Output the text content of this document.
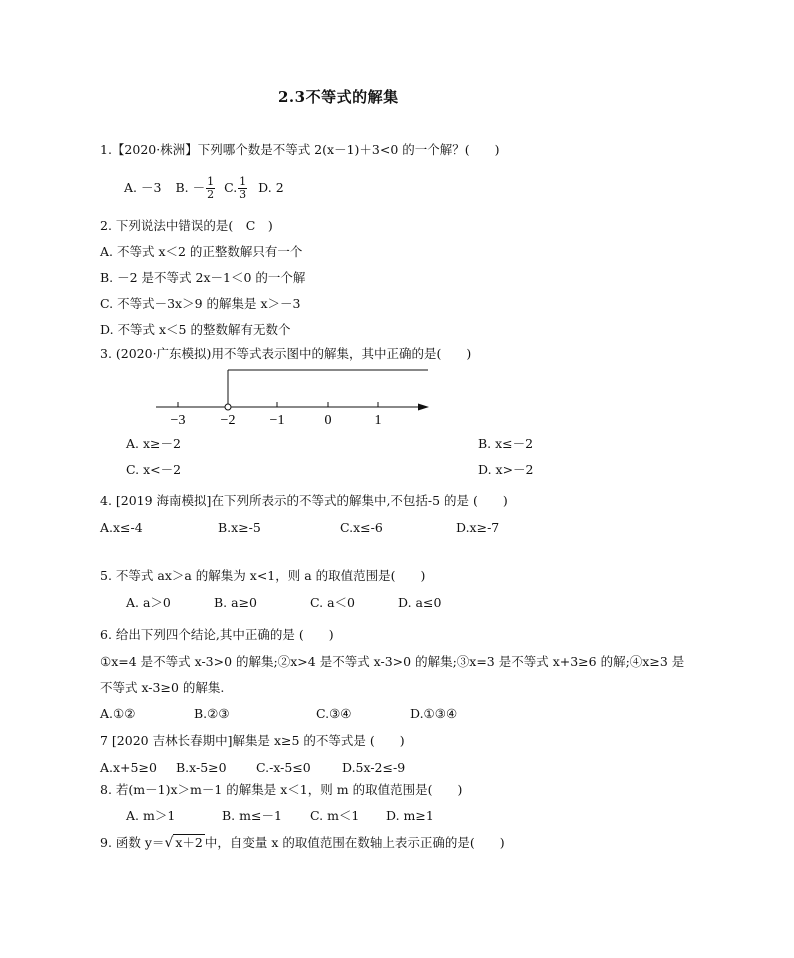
2.3不等式的解集
1.【2020·株洲】下列哪个数是不等式 2(x－1)＋3<0 的一个解？(　　)
A. －3 B. － $\frac{1}{2} C$. $\frac{1}{3} D$. 2
2. 下列说法中错误的是(　C　)
A. 不等式 x＜2 的正整数解只有一个
B. －2 是不等式 2x－1＜0 的一个解
C. 不等式－3x＞9 的解集是 x＞－3
D. 不等式 x＜5 的整数解有无数个
3. (2020·广东模拟)用不等式表示图中的解集，其中正确的是(　　)
−3	−2 −1	0	1
A. x≥－2	B. x≤－2
C. x<－2	D. x>－2
4. [2019 海南模拟]在下列所表示的不等式的解集中,不包括-5 的是 (　　)
A.x≤-4	B.x≥-5	C.x≤-6	D.x≥-7
5. 不等式 ax＞a 的解集为 x<1，则 a 的取值范围是(　　)
A. a＞0	B. a≥0	C. a＜0	D. a≤0
6. 给出下列四个结论,其中正确的是 (　　)
①x=4 是不等式 x-3>0 的解集;②x>4 是不等式 x-3>0 的解集;③x=3 是不等式 x+3≥6 的解;④x≥3 是
不等式 x-3≥0 的解集.
A.①②	B.②③	C.③④	D.①③④
7 [2020 吉林长春期中]解集是 x≥5 的不等式是 (　　)
A.x+5≥0 B.x-5≥0 C.-x-5≤0	D.5x-2≤-9
8. 若(m－1)x＞m－1 的解集是 x＜1，则 m 的取值范围是(　　)
A. m＞1	B. m≤－1 C. m＜1 D. m≥1
9. 函数 y＝ √ x＋2 中，自变量 x 的取值范围在数轴上表示正确的是(　　)
